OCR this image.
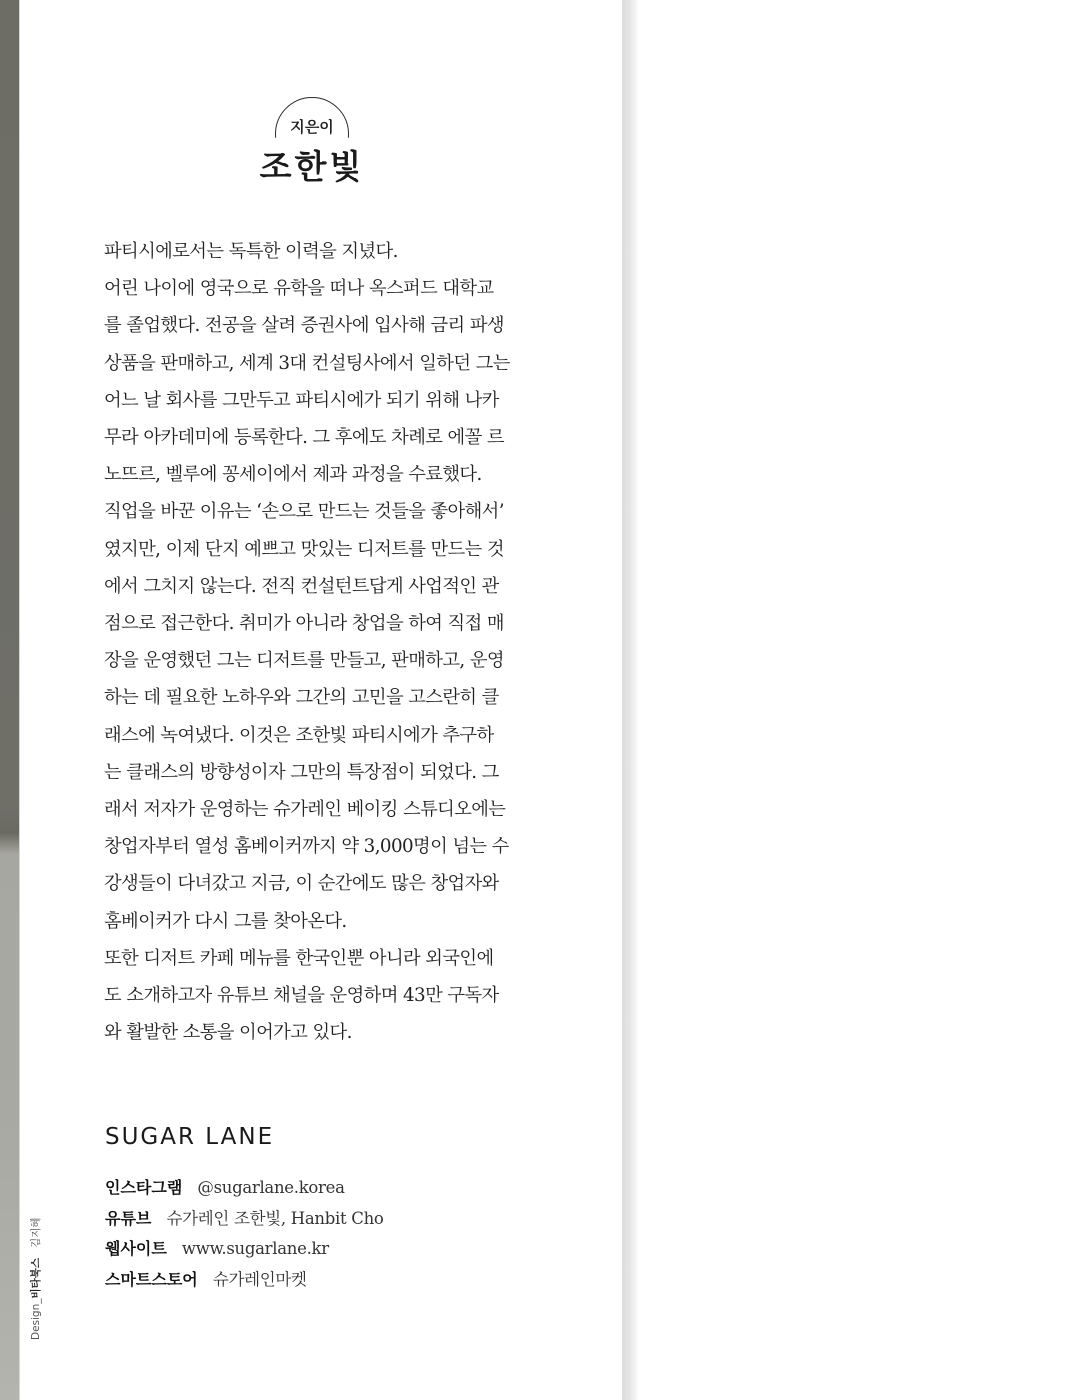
지은이
조한빛

파티시에로서는 독특한 이력을 지녔다.

어린 나이에 영국으로 유학을 떠나 옥스퍼드 대학교

를 졸업했다. 전공을 살려 증권사에 입사해 금리 파생

상품을 판매하고, 세계 3대 컨설팅사에서 일하던 그는

어느 날 회사를 그만두고 파티시에가 되기 위해 나카

무라 아카데미에 등록한다. 그 후에도 차례로 에꼴 르

노뜨르, 벨루에 꽁세이에서 제과 과정을 수료했다.

직업을 바꾼 이유는 ‘손으로 만드는 것들을 좋아해서’

였지만, 이제 단지 예쁘고 맛있는 디저트를 만드는 것

에서 그치지 않는다. 전직 컨설턴트답게 사업적인 관

점으로 접근한다. 취미가 아니라 창업을 하여 직접 매

장을 운영했던 그는 디저트를 만들고, 판매하고, 운영

하는 데 필요한 노하우와 그간의 고민을 고스란히 클

래스에 녹여냈다. 이것은 조한빛 파티시에가 추구하

는 클래스의 방향성이자 그만의 특장점이 되었다. 그

래서 저자가 운영하는 슈가레인 베이킹 스튜디오에는

창업자부터 열성 홈베이커까지 약 3,000명이 넘는 수

강생들이 다녀갔고 지금, 이 순간에도 많은 창업자와

홈베이커가 다시 그를 찾아온다.

또한 디저트 카페 메뉴를 한국인뿐 아니라 외국인에

도 소개하고자 유튜브 채널을 운영하며 43만 구독자

와 활발한 소통을 이어가고 있다.

SUGAR LANE
인스타그램 @sugarlane.korea
유튜브 슈가레인 조한빛, Hanbit Cho
웹사이트 www.sugarlane.kr
스마트스토어 슈가레인마켓
Design_비타북스김지혜
